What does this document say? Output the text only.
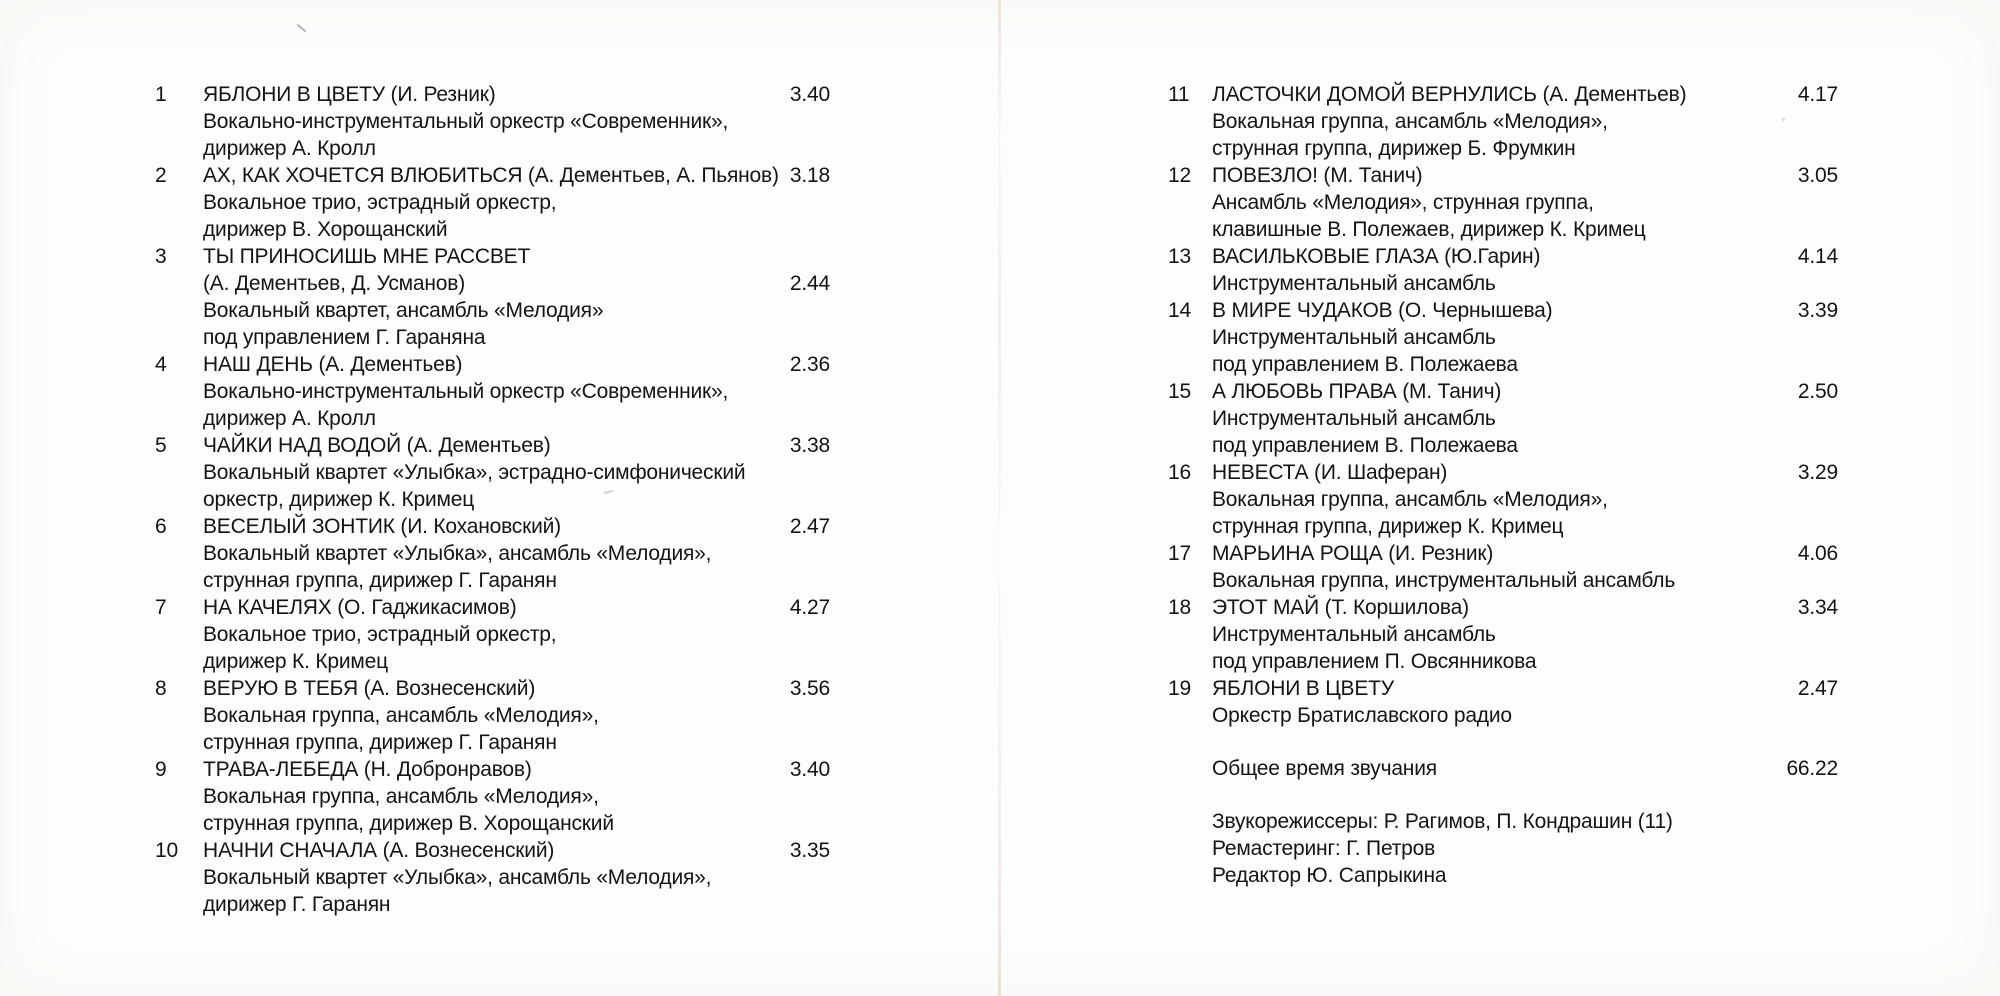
1	ЯБЛОНИ В ЦВЕТУ (И. Резник)	3.40
Вокально-инструментальный оркестр «Современник»,
дирижер А. Кролл
2	АХ, КАК ХОЧЕТСЯ ВЛЮБИТЬСЯ (А. Дементьев, А. Пьянов) 3.18
Вокальное трио, эстрадный оркестр,
дирижер В. Хорощанский
3	ТЫ ПРИНОСИШЬ МНЕ РАССВЕТ
(А. Дементьев, Д. Усманов)	2.44
Вокальный квартет, ансамбль «Мелодия»
под управлением Г. Гараняна
4	НАШ ДЕНЬ (А. Дементьев)	2.36
Вокально-инструментальный оркестр «Современник»,
дирижер А. Кролл
5	ЧАЙКИ НАД ВОДОЙ (А. Дементьев)	3.38
Вокальный квартет «Улыбка», эстрадно-симфонический
оркестр, дирижер К. Кримец
6	ВЕСЕЛЫЙ ЗОНТИК (И. Кохановский)	2.47
Вокальный квартет «Улыбка», ансамбль «Мелодия»,
струнная группа, дирижер Г. Гаранян
7	НА КАЧЕЛЯХ (О. Гаджикасимов)	4.27
Вокальное трио, эстрадный оркестр,
дирижер К. Кримец
8	ВЕРУЮ В ТЕБЯ (А. Вознесенский)	3.56
Вокальная группа, ансамбль «Мелодия»,
струнная группа, дирижер Г. Гаранян
9	ТРАВА-ЛЕБЕДА (Н. Добронравов)	3.40
Вокальная группа, ансамбль «Мелодия»,
струнная группа, дирижер В. Хорощанский
10	НАЧНИ СНАЧАЛА (А. Вознесенский)	3.35
Вокальный квартет «Улыбка», ансамбль «Мелодия»,
дирижер Г. Гаранян
11	ЛАСТОЧКИ ДОМОЙ ВЕРНУЛИСЬ (А. Дементьев)	4.17
Вокальная группа, ансамбль «Мелодия»,
струнная группа, дирижер Б. Фрумкин
12	ПОВЕЗЛО! (М. Танич)	3.05
Ансамбль «Мелодия», струнная группа,
клавишные В. Полежаев, дирижер К. Кримец
13	ВАСИЛЬКОВЫЕ ГЛАЗА (Ю.Гарин)	4.14
Инструментальный ансамбль
14	В МИРЕ ЧУДАКОВ (О. Чернышева)	3.39
Инструментальный ансамбль
под управлением В. Полежаева
15	А ЛЮБОВЬ ПРАВА (М. Танич)	2.50
Инструментальный ансамбль
под управлением В. Полежаева
16	НЕВЕСТА (И. Шаферан)	3.29
Вокальная группа, ансамбль «Мелодия»,
струнная группа, дирижер К. Кримец
17	МАРЬИНА РОЩА (И. Резник)	4.06
Вокальная группа, инструментальный ансамбль
18	ЭТОТ МАЙ (Т. Коршилова)	3.34
Инструментальный ансамбль
под управлением П. Овсянникова
19	ЯБЛОНИ В ЦВЕТУ	2.47
Оркестр Братиславского радио
Общее время звучания	66.22
Звукорежиссеры: Р. Рагимов, П. Кондрашин (11)
Ремастеринг: Г. Петров
Редактор Ю. Сапрыкина
